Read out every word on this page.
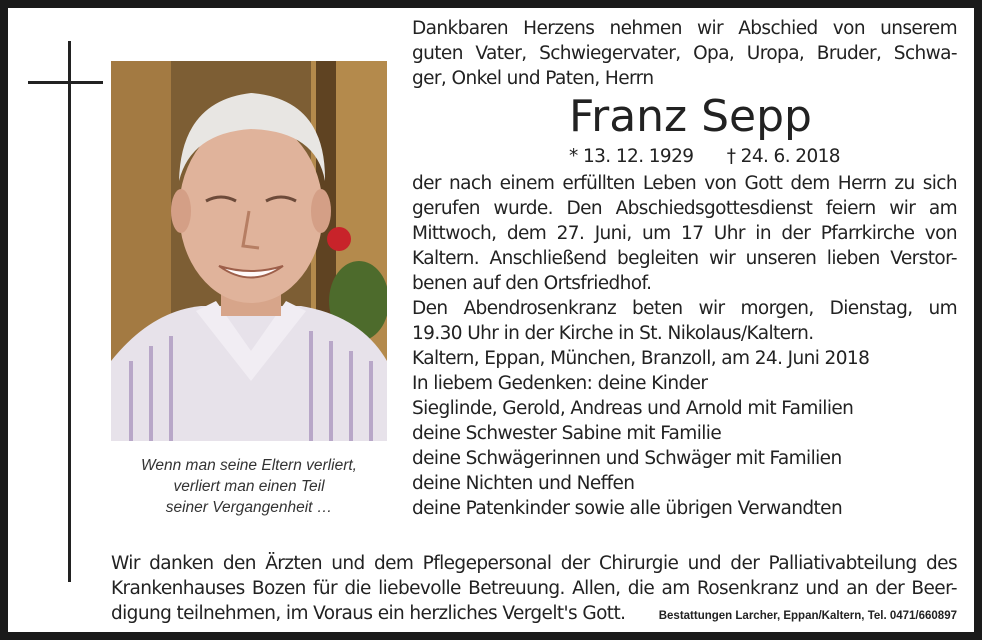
Wenn man seine Eltern verliert,
verliert man einen Teil
seiner Vergangenheit …
Dankbaren Herzens nehmen wir Abschied von unserem
guten Vater, Schwiegervater, Opa, Uropa, Bruder, Schwa-
ger, Onkel und Paten, Herrn
Franz Sepp
* 13. 12. 1929 † 24. 6. 2018
der nach einem erfüllten Leben von Gott dem Herrn zu sich
gerufen wurde. Den Abschiedsgottesdienst feiern wir am
Mittwoch, dem 27. Juni, um 17 Uhr in der Pfarrkirche von
Kaltern. Anschließend begleiten wir unseren lieben Verstor-
benen auf den Ortsfriedhof.
Den Abendrosenkranz beten wir morgen, Dienstag, um
19.30 Uhr in der Kirche in St. Nikolaus/Kaltern.
Kaltern, Eppan, München, Branzoll, am 24. Juni 2018
In liebem Gedenken: deine Kinder
Sieglinde, Gerold, Andreas und Arnold mit Familien
deine Schwester Sabine mit Familie
deine Schwägerinnen und Schwäger mit Familien
deine Nichten und Neffen
deine Patenkinder sowie alle übrigen Verwandten
Wir danken den Ärzten und dem Pflegepersonal der Chirurgie und der Palliativabteilung des
Krankenhauses Bozen für die liebevolle Betreuung. Allen, die am Rosenkranz und an der Beer-
digung teilnehmen, im Voraus ein herzliches Vergelt's Gott.	Bestattungen Larcher, Eppan/Kaltern, Tel. 0471/660897
